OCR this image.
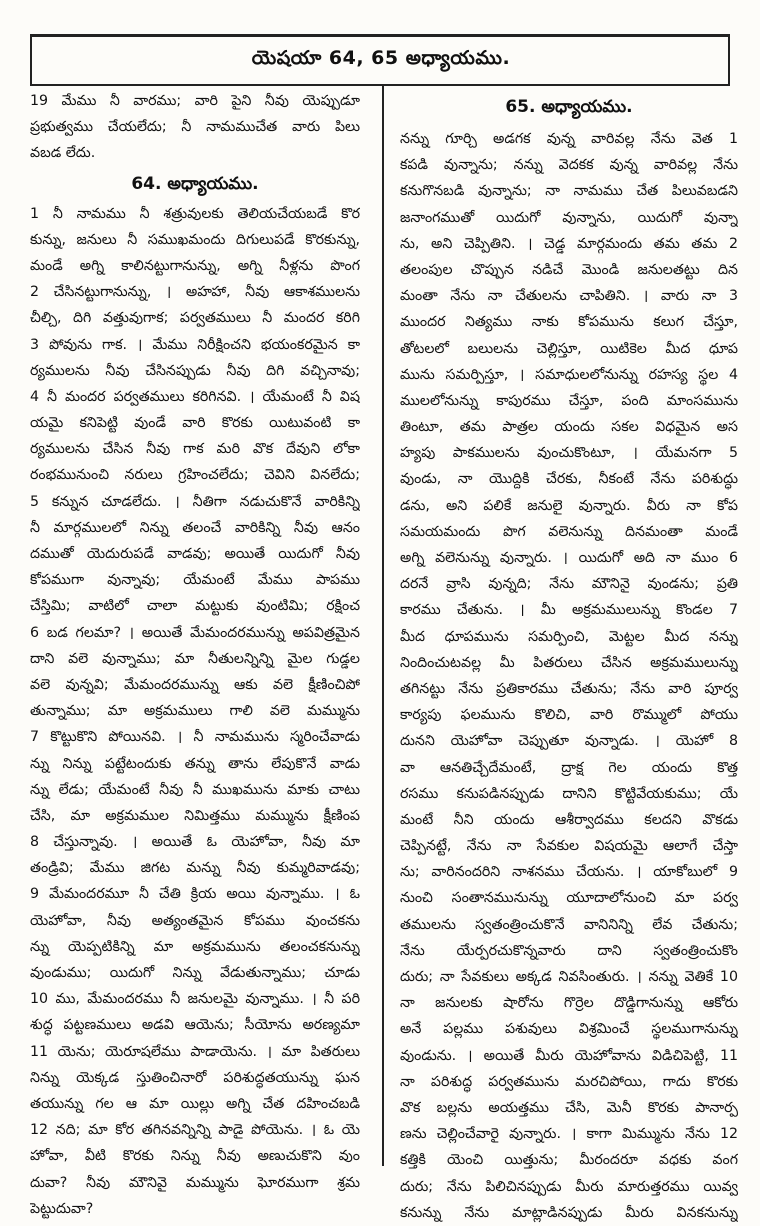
యెషయా 64, 65 అధ్యాయము.
19 మేము నీ వారము; వారి పైని నీవు యెప్పుడూ
ప్రభుత్వము చేయలేదు; నీ నామముచేత వారు పిలు
వబడ లేదు.
64. అధ్యాయము.
1 నీ నామము నీ శత్రువులకు తెలియచేయబడే కొర
కున్ను, జనులు నీ సముఖమందు దిగులుపడే కొరకున్ను,
మండే అగ్ని కాలినట్టుగానున్ను, అగ్ని నీళ్లను పొంగ
2 చేసినట్టుగానున్ను, । అహహా, నీవు ఆకాశములను
చీల్చి, దిగి వత్తువుగాక; పర్వతములు నీ మందర కరిగి
3 పోవును గాక. । మేము నిరీక్షించని భయంకరమైన కా
ర్యములను నీవు చేసినప్పుడు నీవు దిగి వచ్చినావు;
4 నీ మందర పర్వతములు కరిగినవి. । యేమంటే నీ విష
యమై కనిపెట్టి వుండే వారి కొరకు యిటువంటి కా
ర్యములను చేసిన నీవు గాక మరి వొక దేవుని లోకా
రంభమునుంచి నరులు గ్రహించలేదు; చెవిని వినలేదు;
5 కన్నున చూడలేదు. । నీతిగా నడుచుకొనే వారికిన్ని
నీ మార్గములలో నిన్ను తలంచే వారికిన్ని నీవు ఆనం
దముతో యెదురుపడే వాడవు; అయితే యిదుగో నీవు
కోపముగా వున్నావు; యేమంటే మేము పాపము
చేస్తిమి; వాటిలో చాలా మట్టుకు వుంటిమి; రక్షించ
6 బడ గలమా? । అయితే మేమందరమున్ను అపవిత్రమైన
దాని వలె వున్నాము; మా నీతులన్నిన్ని మైల గుడ్డల
వలె వున్నవి; మేమందరమున్ను ఆకు వలె క్షీణించిపో
తున్నాము; మా అక్రమములు గాలి వలె మమ్మును
7 కొట్టుకొని పోయినవి. । నీ నామమును స్మరించేవాడు
న్ను నిన్ను పట్టేటందుకు తన్ను తాను లేపుకొనే వాడు
న్ను లేడు; యేమంటే నీవు నీ ముఖమును మాకు చాటు
చేసి, మా అక్రమముల నిమిత్తము మమ్మును క్షీణింప
8 చేస్తున్నావు. । అయితే ఓ యెహోవా, నీవు మా
తండ్రివి; మేము జిగట మన్ను నీవు కుమ్మరివాడవు;
9 మేమందరమూ నీ చేతి క్రియ అయి వున్నాము. । ఓ
యెహోవా, నీవు అత్యంతమైన కోపము వుంచకను
న్ను యెప్పటికిన్ని మా అక్రమమును తలంచకనున్ను
వుండుము; యిదుగో నిన్ను వేడుతున్నాము; చూడు
10 ము, మేమందరము నీ జనులమై వున్నాము. । నీ పరి
శుద్ధ పట్టణములు అడవి ఆయెను; సీయోను అరణ్యమా
11 యెను; యెరూషలేము పాడాయెను. । మా పితరులు
నిన్ను యెక్కడ స్తుతించినారో పరిశుద్ధతయున్ను ఘన
తయున్ను గల ఆ మా యిల్లు అగ్ని చేత దహించబడి
12 నది; మా కోర తగినవన్నిన్ని పాడై పోయెను. । ఓ యె
హోవా, వీటి కొరకు నిన్ను నీవు అణుచుకొని వుం
దువా? నీవు మౌనివై మమ్మును ఘోరముగా శ్రమ
పెట్టుదువా?
65. అధ్యాయము.
నన్ను గూర్చి అడగక వున్న వారివల్ల నేను వెత 1
కపడి వున్నాను; నన్ను వెదకక వున్న వారివల్ల నేను
కనుగొనబడి వున్నాను; నా నామము చేత పిలువబడని
జనాంగముతో యిదుగో వున్నాను, యిదుగో వున్నా
ను, అని చెప్పితిని. । చెడ్డ మార్గమందు తమ తమ 2
తలంపుల చొప్పున నడిచే మొండి జనులతట్టు దిన
మంతా నేను నా చేతులను చాపితిని. । వారు నా 3
ముందర నిత్యము నాకు కోపమును కలుగ చేస్తూ,
తోటలలో బలులను చెల్లిస్తూ, యిటికెల మీద ధూప
మును సమర్పిస్తూ, । సమాధులలోనున్ను రహస్య స్థల 4
ములలోనున్ను కాపురము చేస్తూ, పంది మాంసమును
తింటూ, తమ పాత్రల యందు సకల విధమైన అస
హ్యపు పాకములను వుంచుకొంటూ, । యేమనగా 5
వుండు, నా యొద్దికి చేరకు, నీకంటే నేను పరిశుద్ధు
డను, అని పలికే జనులై వున్నారు. వీరు నా కోప
సమయమందు పొగ వలెనున్ను దినమంతా మండే
అగ్ని వలెనున్ను వున్నారు. । యిదుగో అది నా ముం 6
దరనే వ్రాసి వున్నది; నేను మౌనినై వుండను; ప్రతి
కారము చేతును. । మీ అక్రమములున్ను కొండల 7
మీద ధూపమును సమర్పించి, మెట్టల మీద నన్ను
నిందించుటవల్ల మీ పితరులు చేసిన అక్రమములున్ను
తగినట్టు నేను ప్రతికారము చేతును; నేను వారి పూర్వ
కార్యపు ఫలమును కొలిచి, వారి రొమ్ములో పోయు
దునని యెహోవా చెప్పుతూ వున్నాడు. । యెహో 8
వా ఆనతిచ్చేదేమంటే, ద్రాక్ష గెల యందు కొత్త
రసము కనుపడినప్పుడు దానిని కొట్టివేయకుము; యే
మంటే నీని యందు ఆశీర్వాదము కలదని వొకడు
చెప్పినట్టే, నేను నా సేవకుల విషయమై ఆలాగే చేస్తా
ను; వారినందరిని నాశనము చేయను. । యాకోబులో 9
నుంచి సంతానమునున్ను యూదాలోనుంచి మా పర్వ
తములను స్వతంత్రించుకొనే వానినిన్ని లేవ చేతును;
నేను యేర్పరచుకొన్నవారు దాని స్వతంత్రించుకొం
దురు; నా సేవకులు అక్కడ నివసింతురు. । నన్ను వెతికే 10
నా జనులకు షారోను గొర్రెల దొడ్డిగానున్ను ఆకోరు
అనే పల్లము పశువులు విశ్రమించే స్థలముగానున్ను
వుండును. । అయితే మీరు యెహోవాను విడిచిపెట్టి, 11
నా పరిశుద్ధ పర్వతమును మరచిపోయి, గాదు కొరకు
వొక బల్లను అయత్తము చేసి, మెనీ కొరకు పానార్ప
ణను చెల్లించేవారై వున్నారు. । కాగా మిమ్మును నేను 12
కత్తికి యెంచి యిత్తును; మీరందరూ వధకు వంగ
దురు; నేను పిలిచినప్పుడు మీరు మారుత్తరము యివ్వ
కనున్ను నేను మాట్లాడినప్పుడు మీరు వినకనున్ను
